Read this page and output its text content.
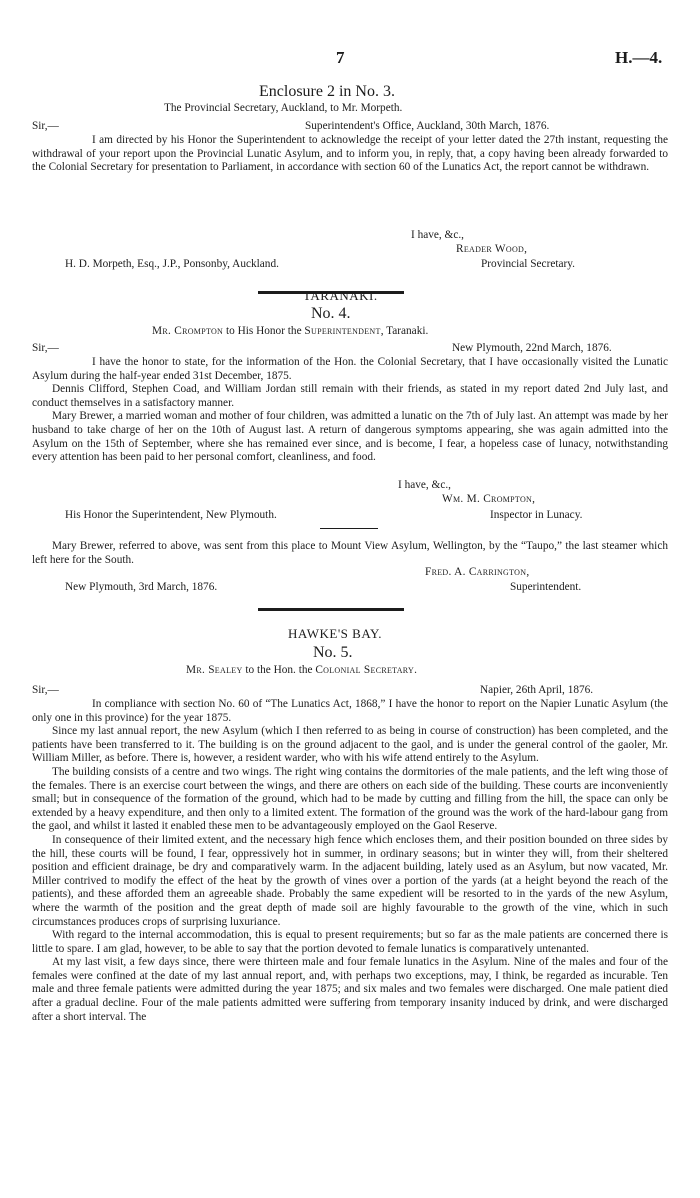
7	H.—4.
Enclosure 2 in No. 3.
The Provincial Secretary, Auckland, to Mr. Morpeth.
Sir,—	Superintendent's Office, Auckland, 30th March, 1876.

I am directed by his Honor the Superintendent to acknowledge the receipt of your letter dated the 27th instant, requesting the withdrawal of your report upon the Provincial Lunatic Asylum, and to inform you, in reply, that, a copy having been already forwarded to the Colonial Secretary for presentation to Parliament, in accordance with section 60 of the Lunatics Act, the report cannot be withdrawn.

I have, &c.,
Reader Wood,
H. D. Morpeth, Esq., J.P., Ponsonby, Auckland.	Provincial Secretary.
TARANAKI.
No. 4.
Mr. Crompton to His Honor the Superintendent, Taranaki.
Sir,—	New Plymouth, 22nd March, 1876.

I have the honor to state, for the information of the Hon. the Colonial Secretary, that I have occasionally visited the Lunatic Asylum during the half-year ended 31st December, 1875.

Dennis Clifford, Stephen Coad, and William Jordan still remain with their friends, as stated in my report dated 2nd July last, and conduct themselves in a satisfactory manner.

Mary Brewer, a married woman and mother of four children, was admitted a lunatic on the 7th of July last. An attempt was made by her husband to take charge of her on the 10th of August last. A return of dangerous symptoms appearing, she was again admitted into the Asylum on the 15th of September, where she has remained ever since, and is become, I fear, a hopeless case of lunacy, notwithstanding every attention has been paid to her personal comfort, cleanliness, and food.

I have, &c.,
Wm. M. Crompton,
His Honor the Superintendent, New Plymouth.	Inspector in Lunacy.

Mary Brewer, referred to above, was sent from this place to Mount View Asylum, Wellington, by the “Taupo,” the last steamer which left here for the South.

Fred. A. Carrington,
New Plymouth, 3rd March, 1876.	Superintendent.
HAWKE'S BAY.
No. 5.
Mr. Sealey to the Hon. the Colonial Secretary.
Sir,—	Napier, 26th April, 1876.

In compliance with section No. 60 of “The Lunatics Act, 1868,” I have the honor to report on the Napier Lunatic Asylum (the only one in this province) for the year 1875.

Since my last annual report, the new Asylum (which I then referred to as being in course of construction) has been completed, and the patients have been transferred to it. The building is on the ground adjacent to the gaol, and is under the general control of the gaoler, Mr. William Miller, as before. There is, however, a resident warder, who with his wife attend entirely to the Asylum.

The building consists of a centre and two wings. The right wing contains the dormitories of the male patients, and the left wing those of the females. There is an exercise court between the wings, and there are others on each side of the building. These courts are inconveniently small; but in consequence of the formation of the ground, which had to be made by cutting and filling from the hill, the space can only be extended by a heavy expenditure, and then only to a limited extent. The formation of the ground was the work of the hard-labour gang from the gaol, and whilst it lasted it enabled these men to be advantageously employed on the Gaol Reserve.

In consequence of their limited extent, and the necessary high fence which encloses them, and their position bounded on three sides by the hill, these courts will be found, I fear, oppressively hot in summer, in ordinary seasons; but in winter they will, from their sheltered position and efficient drainage, be dry and comparatively warm. In the adjacent building, lately used as an Asylum, but now vacated, Mr. Miller contrived to modify the effect of the heat by the growth of vines over a portion of the yards (at a height beyond the reach of the patients), and these afforded them an agreeable shade. Probably the same expedient will be resorted to in the yards of the new Asylum, where the warmth of the position and the great depth of made soil are highly favourable to the growth of the vine, which in such circumstances produces crops of surprising luxuriance.

With regard to the internal accommodation, this is equal to present requirements; but so far as the male patients are concerned there is little to spare. I am glad, however, to be able to say that the portion devoted to female lunatics is comparatively untenanted.

At my last visit, a few days since, there were thirteen male and four female lunatics in the Asylum. Nine of the males and four of the females were confined at the date of my last annual report, and, with perhaps two exceptions, may, I think, be regarded as incurable. Ten male and three female patients were admitted during the year 1875; and six males and two females were discharged. One male patient died after a gradual decline. Four of the male patients admitted were suffering from temporary insanity induced by drink, and were discharged after a short interval. The
